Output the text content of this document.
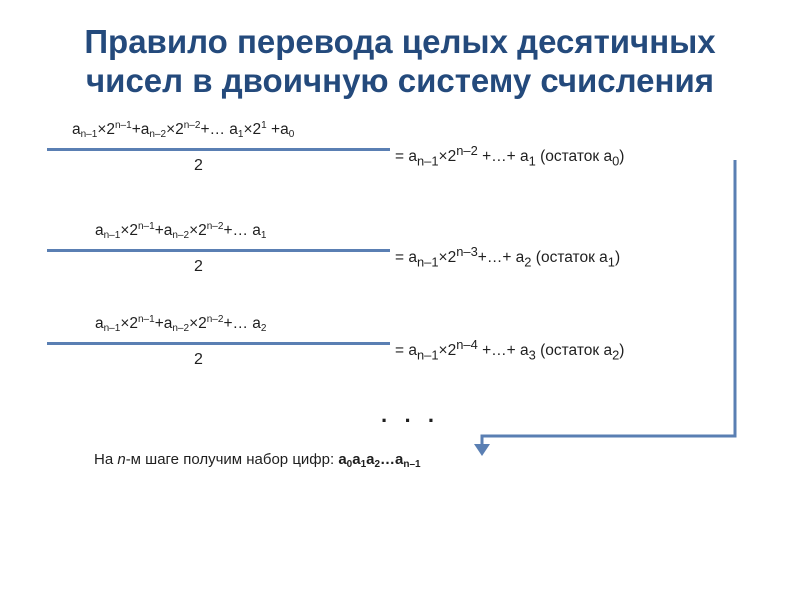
Правило перевода целых десятичных
чисел в двоичную систему счисления
$a_{n-1}\times 2^{n-1}+a_{n-2}\times 2^{n-2}+\dots$ $a_1\times 2^1 +a_0$
2
= $a_{n-1}\times 2^{n-2}$ +…+ $a_1$ (остаток $a_0$)
$a_{n-1}\times 2^{n-1}+a_{n-2}\times 2^{n-2}+\dots$ $a_1$
2
= $a_{n-1}\times 2^{n-3}+\dots+ a_2$ (остаток $a_1$)
$a_{n-1}\times 2^{n-1}+a_{n-2}\times 2^{n-2}+\dots$ $a_2$
2
= $a_{n-1}\times 2^{n-4}$ +…+ $a_3$ (остаток $a_2$)
· · ·
На n-м шаге получим набор цифр: $a_0a_1a_2\dots a_{n-1}$
